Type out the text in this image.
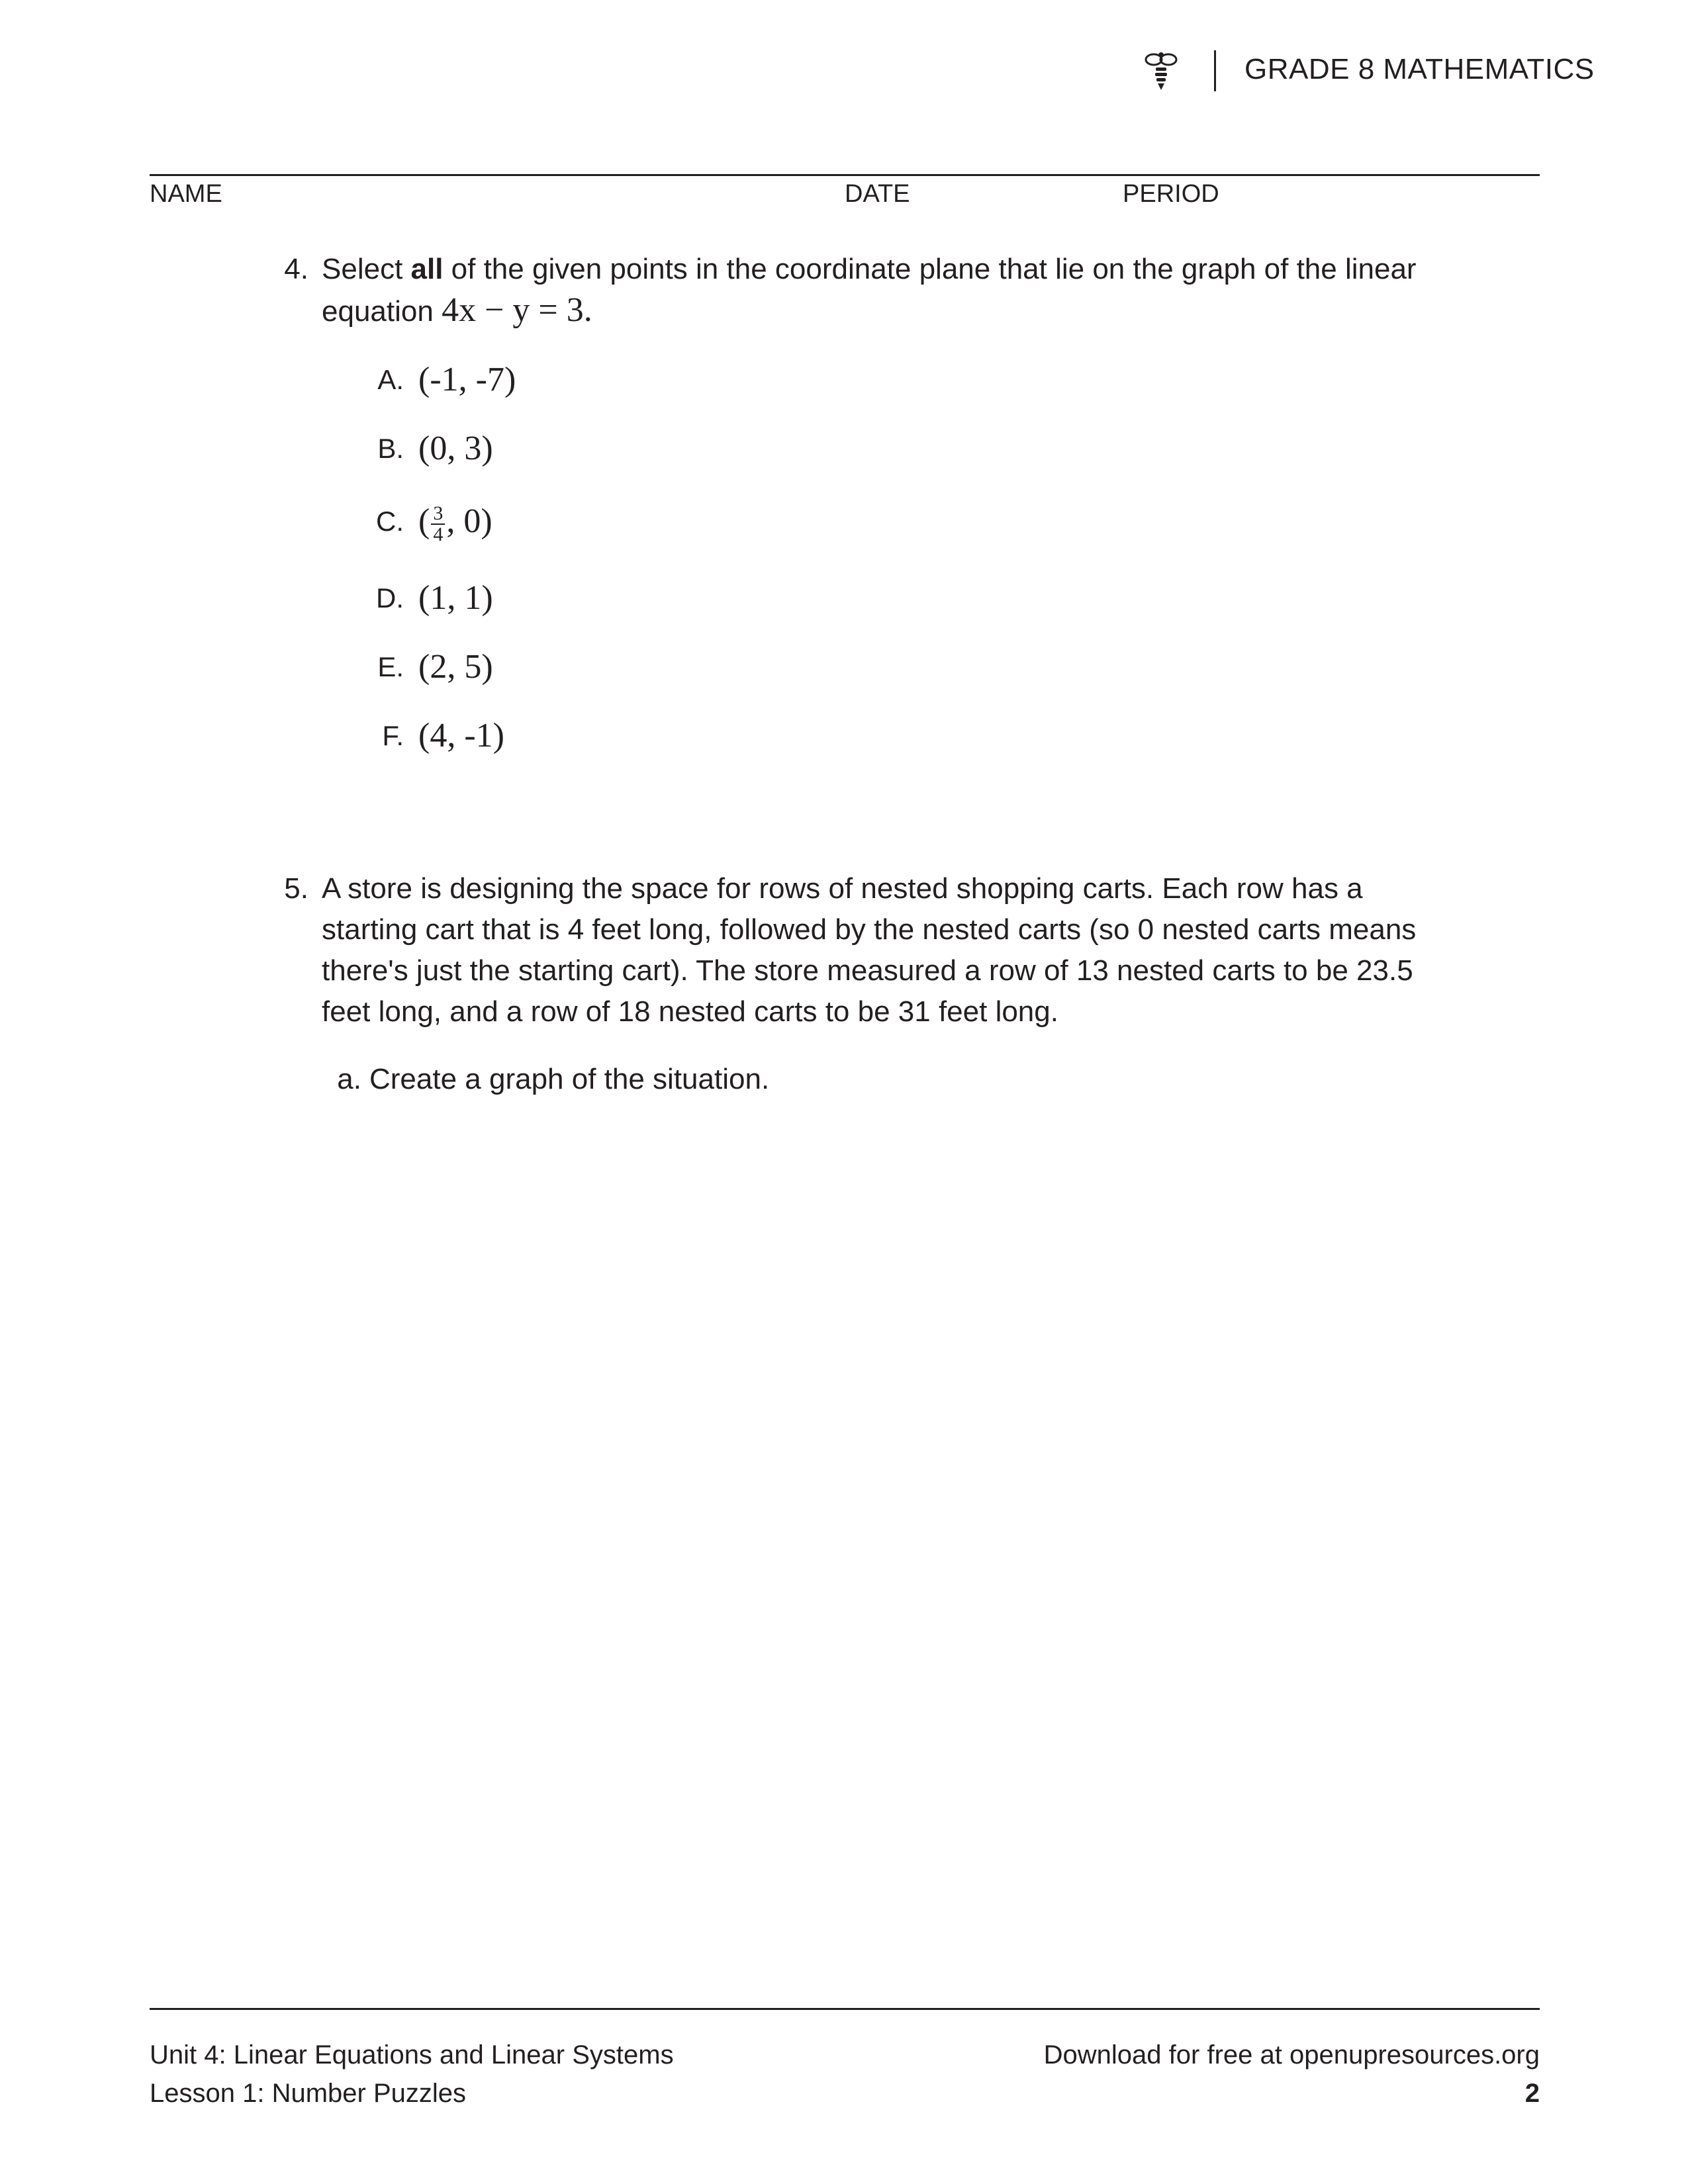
GRADE 8 MATHEMATICS
NAME	DATE	PERIOD
4. Select all of the given points in the coordinate plane that lie on the graph of the linear equation 4x − y = 3.
A. (-1, -7)
B. (0, 3)
C. ( $\frac{3}{4}$ , 0)
D. (1, 1)
E. (2, 5)
F. (4, -1)
5. A store is designing the space for rows of nested shopping carts. Each row has a starting cart that is 4 feet long, followed by the nested carts (so 0 nested carts means there's just the starting cart). The store measured a row of 13 nested carts to be 23.5 feet long, and a row of 18 nested carts to be 31 feet long.
a. Create a graph of the situation.
Unit 4: Linear Equations and Linear Systems
Lesson 1: Number Puzzles
Download for free at openupresources.org
2
